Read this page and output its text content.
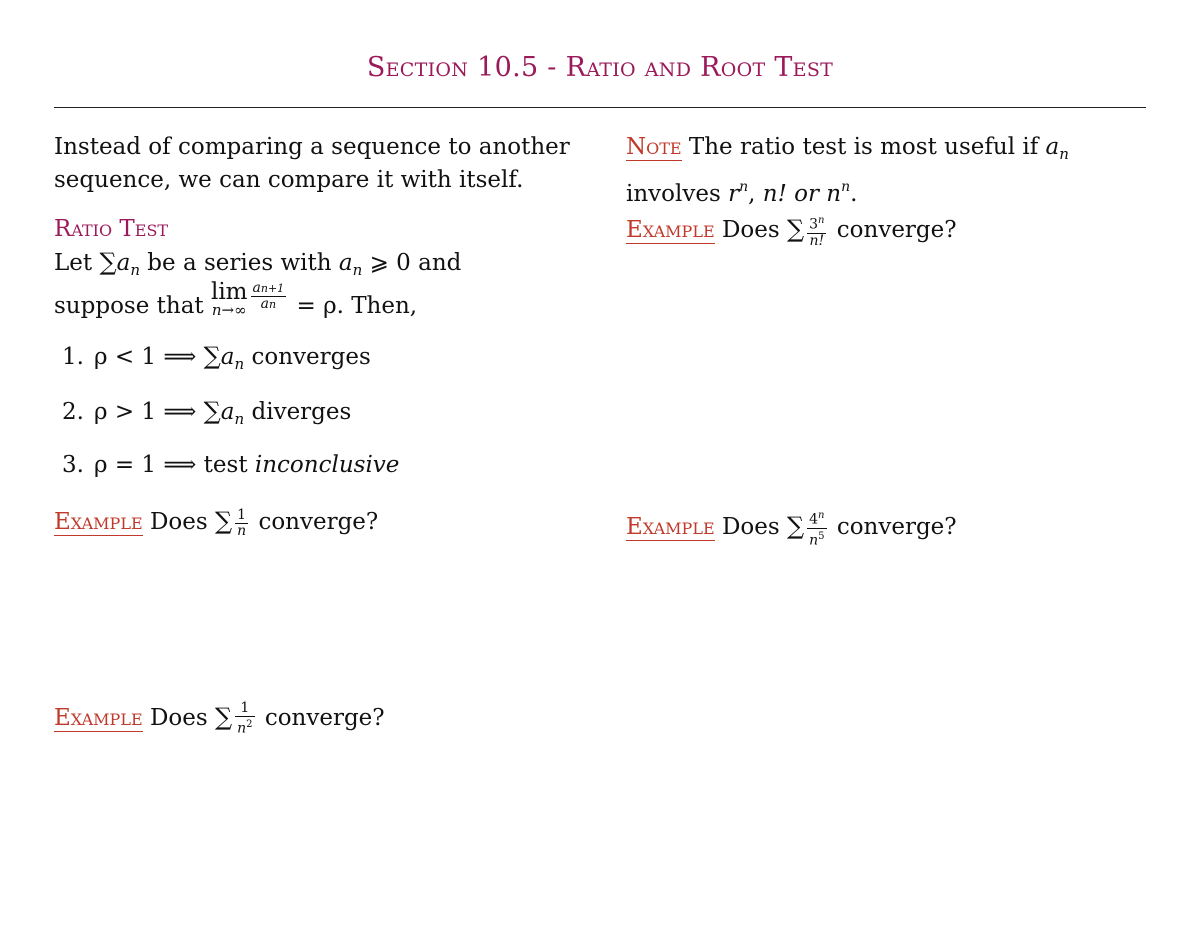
Section 10.5 - Ratio and Root Test
Instead of comparing a sequence to another
sequence, we can compare it with itself.
Ratio Test
Let $\sum a_n$ be a series with $a_n$ ⩾ 0 and
suppose that lim
$n\to\infty \frac{an+1}{an} = \rho$. Then,
1. ρ < 1 ⟹ $\sum a_n$ converges
2. ρ > 1 ⟹ $\sum a_n$ diverges
3. ρ = 1 ⟹ test inconclusive
Example Does ∑ $\frac{1}{n}$ converge?
Example Does ∑ $\frac{1}{n^2}$ converge?
Note The ratio test is most useful if $a_n$
involves $r^n$, n! or $n^n$.
Example Does ∑ $\frac{3^n}{n!}$ converge?
Example Does ∑ $\frac{4^n}{n^5}$ converge?
